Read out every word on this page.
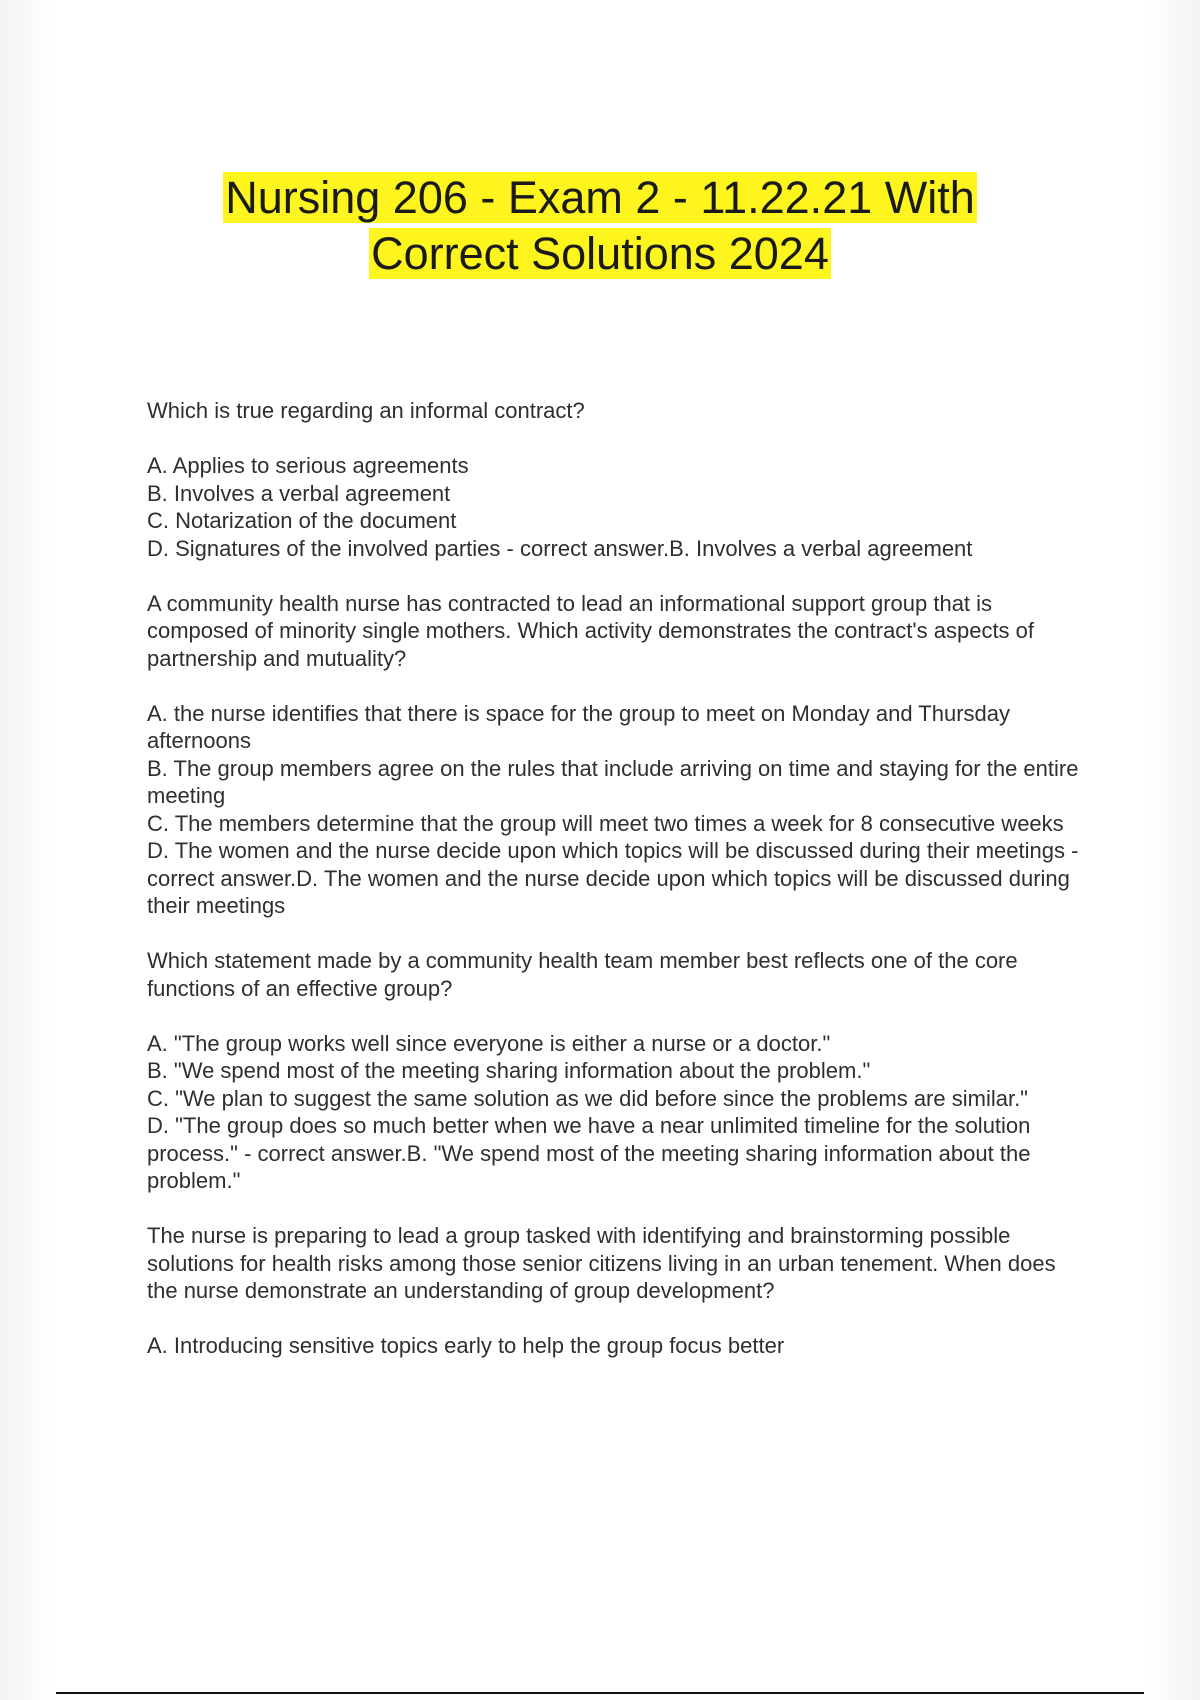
Nursing 206 - Exam 2 - 11.22.21 With
Correct Solutions 2024

Which is true regarding an informal contract?

A. Applies to serious agreements

B. Involves a verbal agreement

C. Notarization of the document

D. Signatures of the involved parties - correct answer.B. Involves a verbal agreement

A community health nurse has contracted to lead an informational support group that is composed of minority single mothers. Which activity demonstrates the contract's aspects of partnership and mutuality?

A. the nurse identifies that there is space for the group to meet on Monday and Thursday afternoons

B. The group members agree on the rules that include arriving on time and staying for the entire meeting

C. The members determine that the group will meet two times a week for 8 consecutive weeks

D. The women and the nurse decide upon which topics will be discussed during their meetings - correct answer.D. The women and the nurse decide upon which topics will be discussed during their meetings

Which statement made by a community health team member best reflects one of the core functions of an effective group?

A. "The group works well since everyone is either a nurse or a doctor."

B. "We spend most of the meeting sharing information about the problem."

C. "We plan to suggest the same solution as we did before since the problems are similar."

D. "The group does so much better when we have a near unlimited timeline for the solution process." - correct answer.B. "We spend most of the meeting sharing information about the problem."

The nurse is preparing to lead a group tasked with identifying and brainstorming possible solutions for health risks among those senior citizens living in an urban tenement. When does the nurse demonstrate an understanding of group development?

A. Introducing sensitive topics early to help the group focus better
